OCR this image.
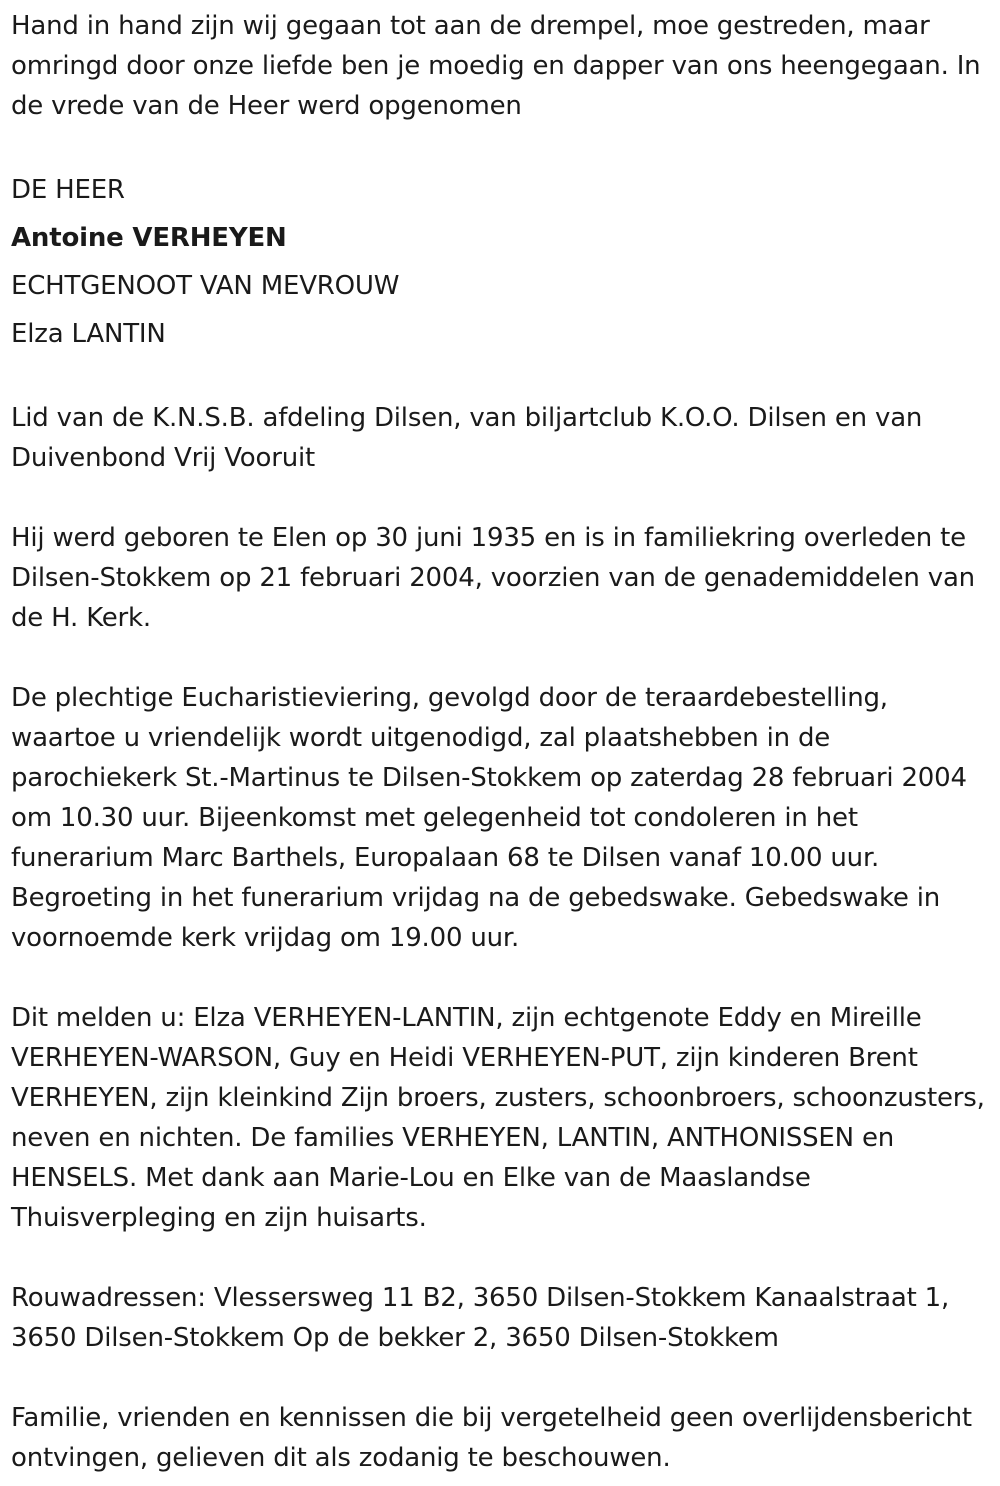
Hand in hand zijn wij gegaan tot aan de drempel, moe gestreden, maar omringd door onze liefde ben je moedig en dapper van ons heengegaan. In de vrede van de Heer werd opgenomen

DE HEER

Antoine VERHEYEN

ECHTGENOOT VAN MEVROUW

Elza LANTIN

Lid van de K.N.S.B. afdeling Dilsen, van biljartclub K.O.O. Dilsen en van Duivenbond Vrij Vooruit

Hij werd geboren te Elen op 30 juni 1935 en is in familiekring overleden te Dilsen-Stokkem op 21 februari 2004, voorzien van de genademiddelen van de H. Kerk.

De plechtige Eucharistieviering, gevolgd door de teraardebestelling, waartoe u vriendelijk wordt uitgenodigd, zal plaatshebben in de parochiekerk St.-Martinus te Dilsen-Stokkem op zaterdag 28 februari 2004 om 10.30 uur. Bijeenkomst met gelegenheid tot condoleren in het funerarium Marc Barthels, Europalaan 68 te Dilsen vanaf 10.00 uur. Begroeting in het funerarium vrijdag na de gebedswake. Gebedswake in voornoemde kerk vrijdag om 19.00 uur.

Dit melden u: Elza VERHEYEN-LANTIN, zijn echtgenote Eddy en Mireille VERHEYEN-WARSON, Guy en Heidi VERHEYEN-PUT, zijn kinderen Brent VERHEYEN, zijn kleinkind Zijn broers, zusters, schoonbroers, schoonzusters, neven en nichten. De families VERHEYEN, LANTIN, ANTHONISSEN en HENSELS. Met dank aan Marie-Lou en Elke van de Maaslandse Thuisverpleging en zijn huisarts.

Rouwadressen: Vlessersweg 11 B2, 3650 Dilsen-Stokkem Kanaalstraat 1, 3650 Dilsen-Stokkem Op de bekker 2, 3650 Dilsen-Stokkem

Familie, vrienden en kennissen die bij vergetelheid geen overlijdensbericht ontvingen, gelieven dit als zodanig te beschouwen.
